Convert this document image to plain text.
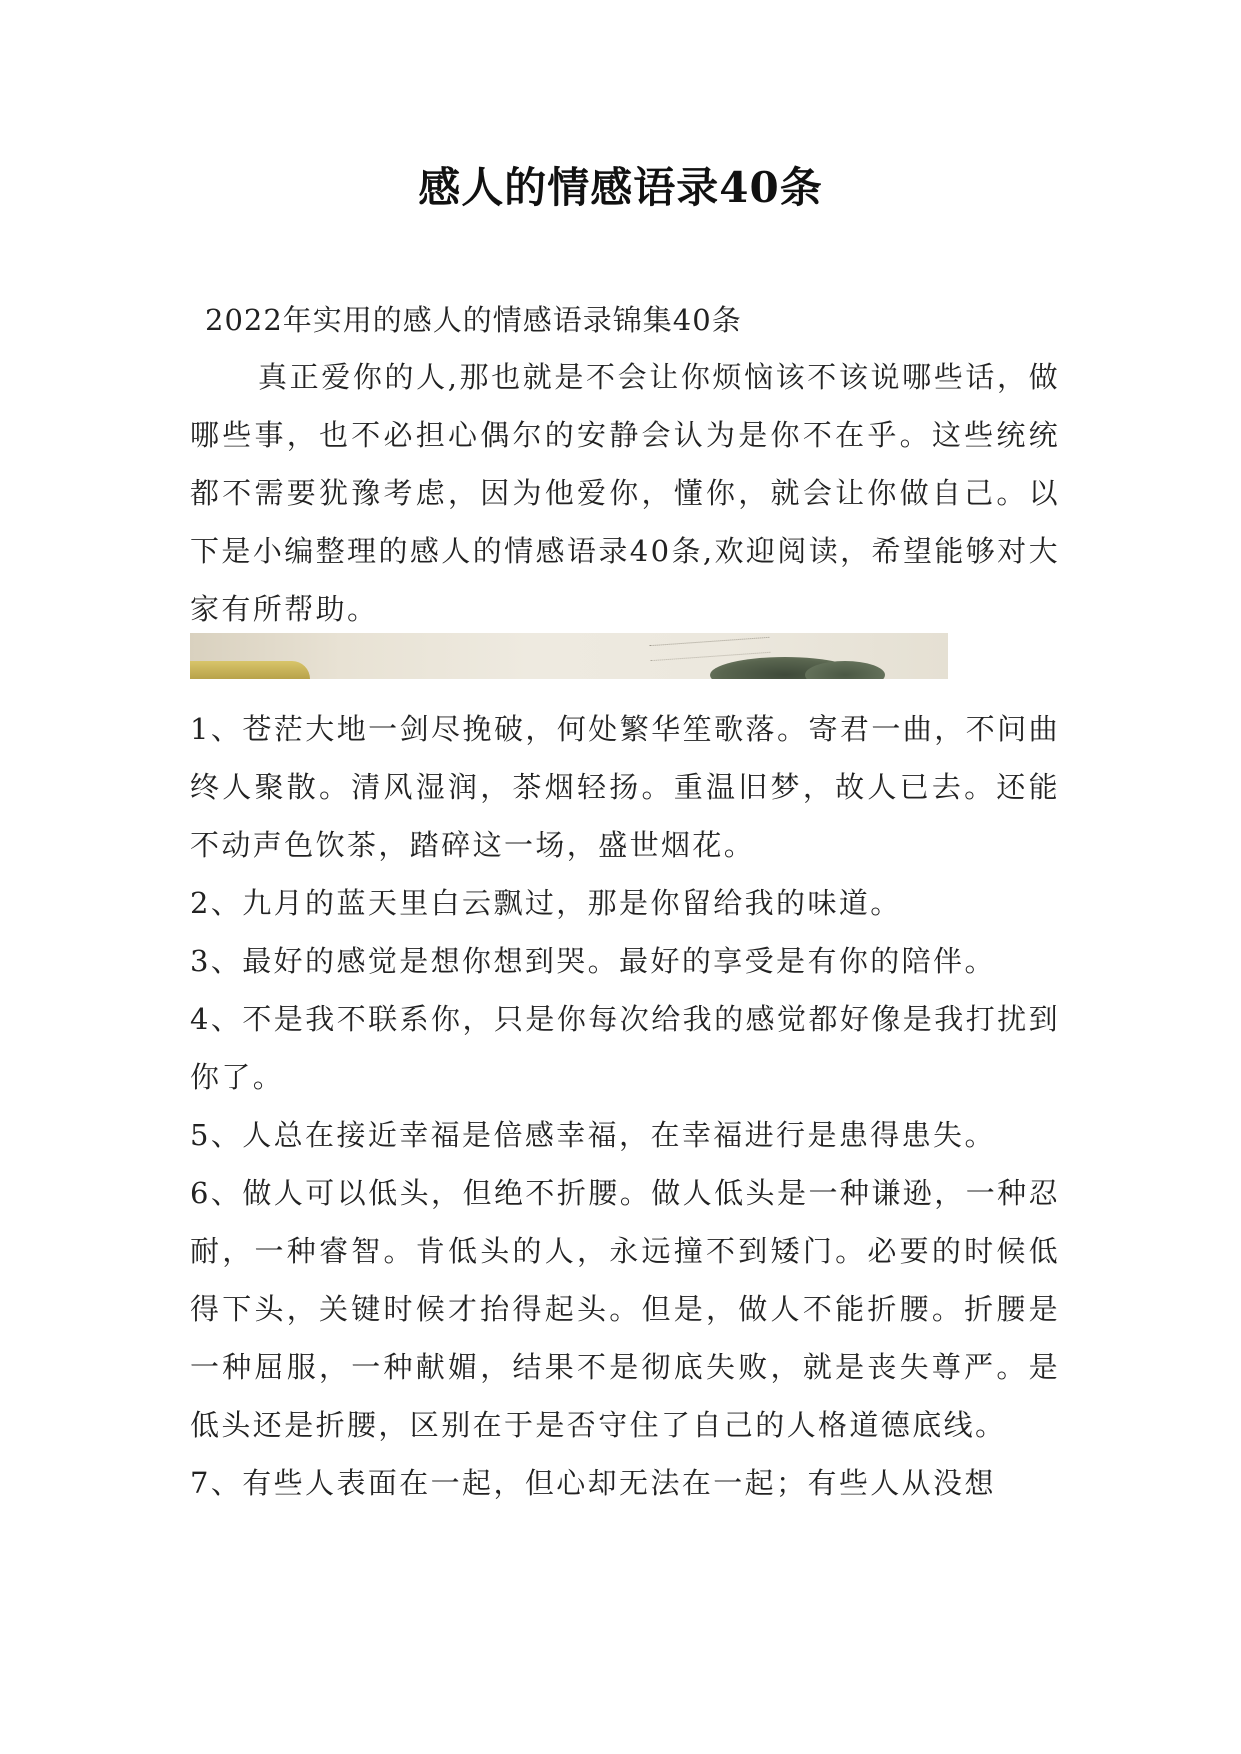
感人的情感语录40条
2022年实用的感人的情感语录锦集40条

真正爱你的人,那也就是不会让你烦恼该不该说哪些话，做哪些事，也不必担心偶尔的安静会认为是你不在乎。这些统统都不需要犹豫考虑，因为他爱你，懂你，就会让你做自己。以下是小编整理的感人的情感语录40条,欢迎阅读，希望能够对大家有所帮助。

1、苍茫大地一剑尽挽破，何处繁华笙歌落。寄君一曲，不问曲终人聚散。清风湿润，茶烟轻扬。重温旧梦，故人已去。还能不动声色饮茶，踏碎这一场，盛世烟花。
2、九月的蓝天里白云飘过，那是你留给我的味道。
3、最好的感觉是想你想到哭。最好的享受是有你的陪伴。
4、不是我不联系你，只是你每次给我的感觉都好像是我打扰到你了。
5、人总在接近幸福是倍感幸福，在幸福进行是患得患失。
6、做人可以低头，但绝不折腰。做人低头是一种谦逊，一种忍耐，一种睿智。肯低头的人，永远撞不到矮门。必要的时候低得下头，关键时候才抬得起头。但是，做人不能折腰。折腰是一种屈服，一种献媚，结果不是彻底失败，就是丧失尊严。是低头还是折腰，区别在于是否守住了自己的人格道德底线。
7、有些人表面在一起，但心却无法在一起；有些人从没想
